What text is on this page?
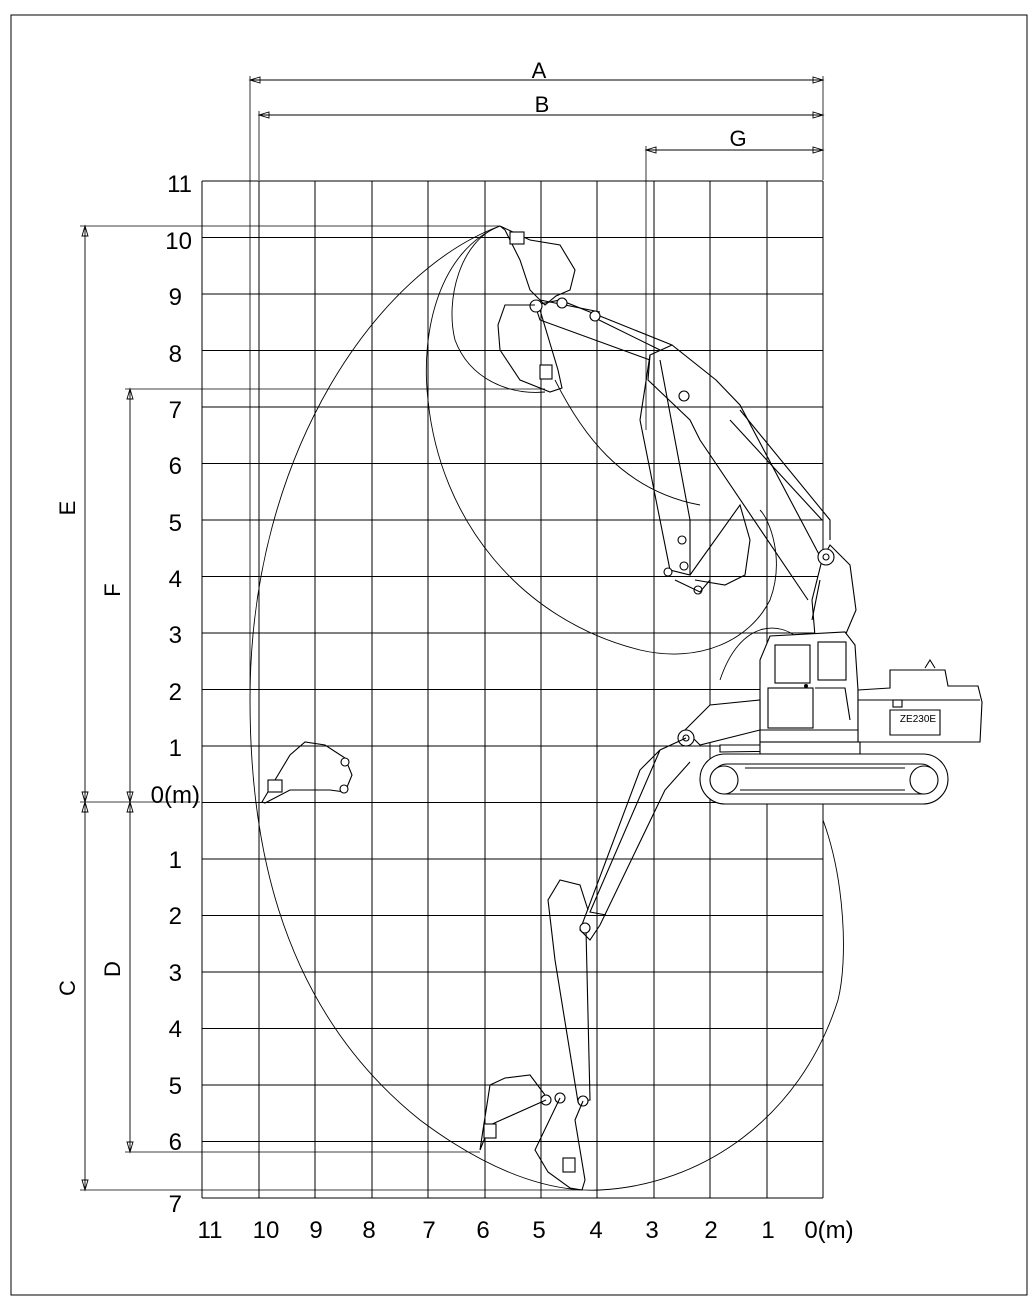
11 10 9 8 7 6 5 4 3 2 1 0(m)
11
10
9
8
7
6
5
4
3
2
1
0(m)
1
2
3
4
5
6
7
A
B
G
E
F
C
D
ZE230E
